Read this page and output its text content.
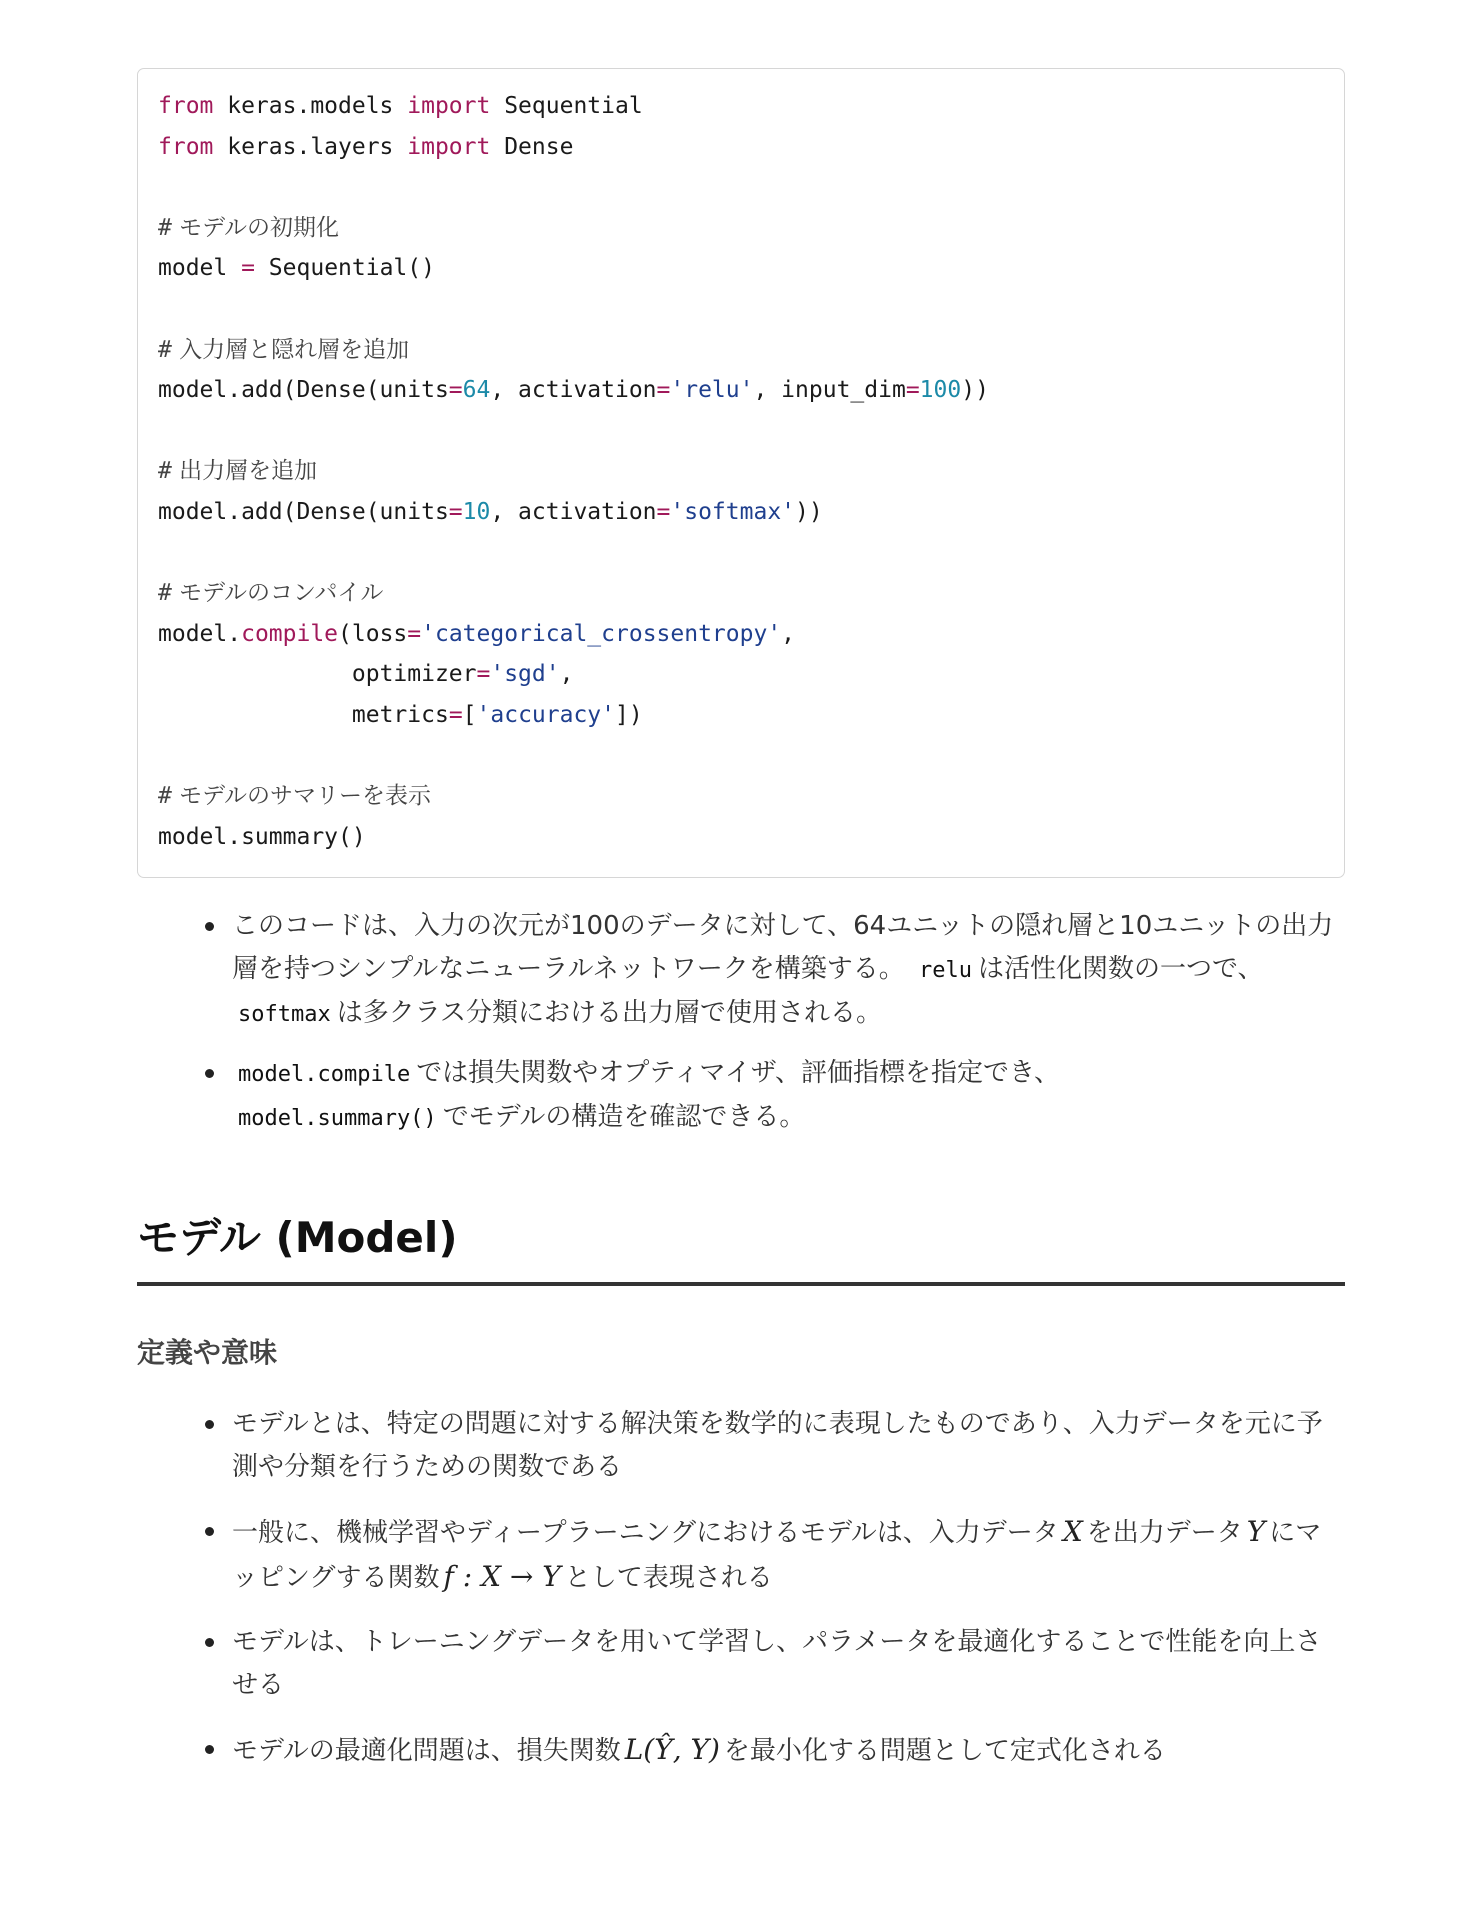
from keras.models import Sequential
from keras.layers import Dense

# モデルの初期化
model = Sequential()

# 入力層と隠れ層を追加
model.add(Dense(units=64, activation='relu', input_dim=100))

# 出力層を追加
model.add(Dense(units=10, activation='softmax'))

# モデルのコンパイル
model.compile(loss='categorical_crossentropy',
optimizer='sgd',
metrics=['accuracy'])

# モデルのサマリーを表示
model.summary()
このコードは、入力の次元が100のデータに対して、64ユニットの隠れ層と10ユニットの出力層を持つシンプルなニューラルネットワークを構築する。 relu は活性化関数の一つで、 softmax は多クラス分類における出力層で使用される。
model.compile では損失関数やオプティマイザ、評価指標を指定でき、 model.summary() でモデルの構造を確認できる。
モデル (Model)
定義や意味
モデルとは、特定の問題に対する解決策を数学的に表現したものであり、入力データを元に予測や分類を行うための関数である
一般に、機械学習やディープラーニングにおけるモデルは、入力データ X を出力データ Y にマッピングする関数 f : X → Y として表現される
モデルは、トレーニングデータを用いて学習し、パラメータを最適化することで性能を向上させる
モデルの最適化問題は、損失関数 L(Ŷ, Y) を最小化する問題として定式化される
